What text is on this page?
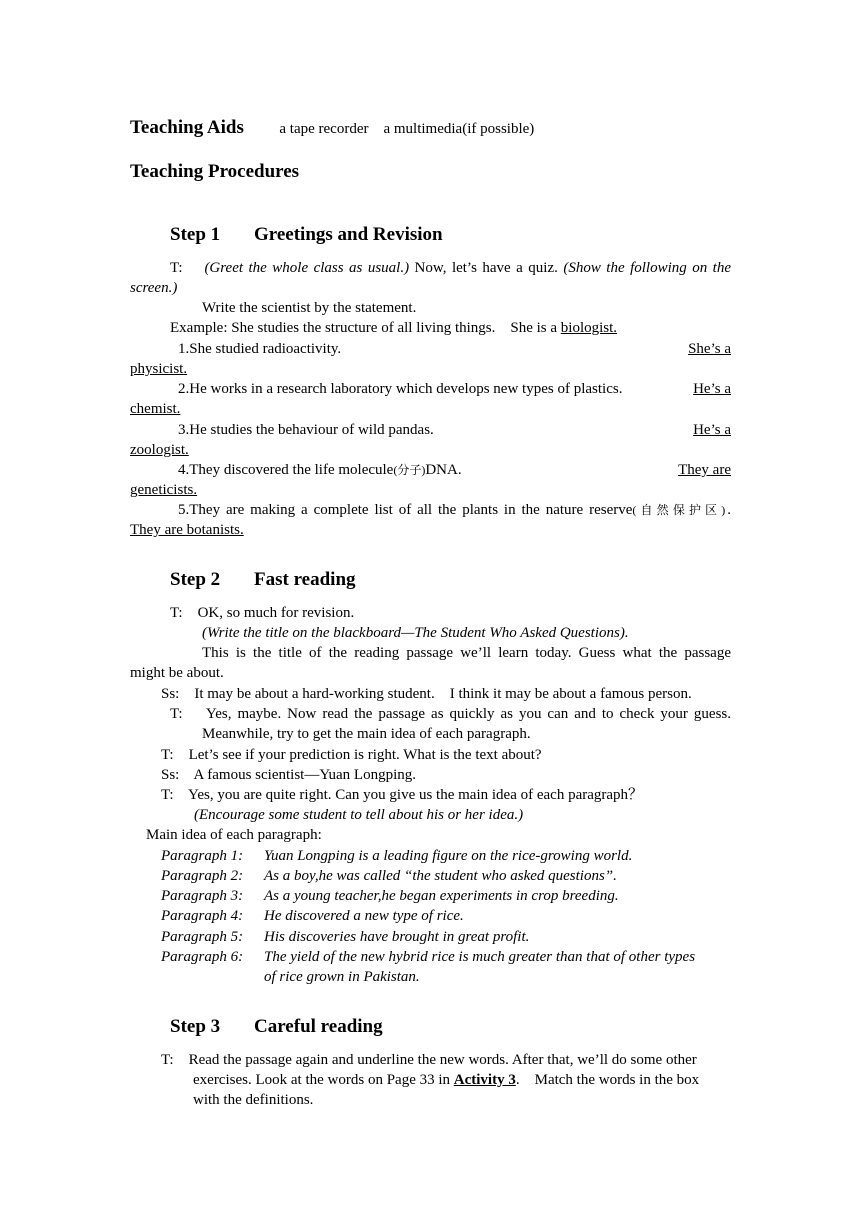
Teaching Aids a tape recorder    a multimedia(if possible)
Teaching Procedures
Step 1 Greetings and Revision
T: (Greet the whole class as usual.) Now, let’s have a quiz. (Show the following on the
screen.)
Write the scientist by the statement.
Example: She studies the structure of all living things.    She is a biologist.
1.She studied radioactivity.	She’s a
physicist.
2.He works in a research laboratory which develops new types of plastics.	He’s a
chemist.
3.He studies the behaviour of wild pandas.	He’s a
zoologist.
4.They discovered the life molecule(分子)DNA.	They are
geneticists.
5.They are making a complete list of all the plants in the nature reserve(自然保护区).
They are botanists.
Step 2 Fast reading
T:    OK, so much for revision.
(Write the title on the blackboard—The Student Who Asked Questions).
This is the title of the reading passage we’ll learn today. Guess what the passage
might be about.
Ss:    It may be about a hard-working student.    I think it may be about a famous person.
T:    Yes, maybe. Now read the passage as quickly as you can and to check your guess.
Meanwhile, try to get the main idea of each paragraph.
T:    Let’s see if your prediction is right. What is the text about?
Ss:    A famous scientist—Yuan Longping.
T:    Yes, you are quite right. Can you give us the main idea of each paragraph？
(Encourage some student to tell about his or her idea.)
Main idea of each paragraph:
Paragraph 1: Yuan Longping is a leading figure on the rice-growing world.
Paragraph 2: As a boy,he was called “the student who asked questions”.
Paragraph 3: As a young teacher,he began experiments in crop breeding.
Paragraph 4: He discovered a new type of rice.
Paragraph 5: His discoveries have brought in great profit.
Paragraph 6: The yield of the new hybrid rice is much greater than that of other types
of rice grown in Pakistan.
Step 3 Careful reading
T:    Read the passage again and underline the new words. After that, we’ll do some other
exercises. Look at the words on Page 33 in Activity 3.    Match the words in the box
with the definitions.
